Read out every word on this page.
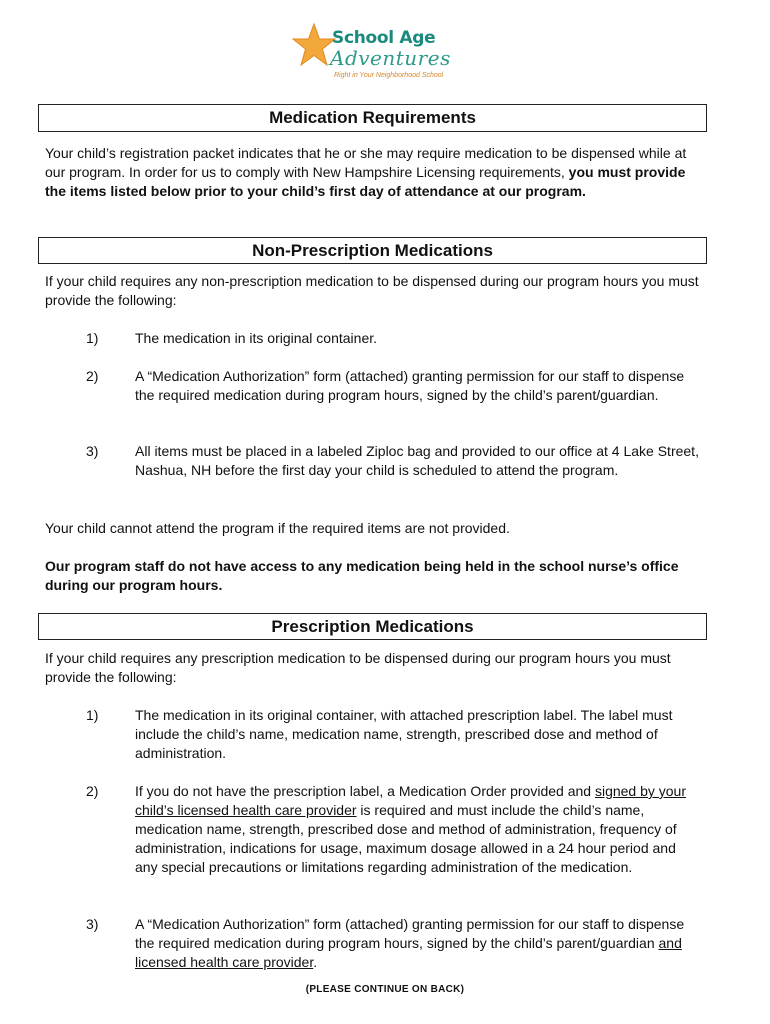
School Age
Adventures
Right in Your Neighborhood School
Medication Requirements
Your child’s registration packet indicates that he or she may require medication to be dispensed while at our program. In order for us to comply with New Hampshire Licensing requirements, you must provide the items listed below prior to your child’s first day of attendance at our program.
Non-Prescription Medications
If your child requires any non-prescription medication to be dispensed during our program hours you must provide the following:
1)	The medication in its original container.
2)	A “Medication Authorization” form (attached) granting permission for our staff to dispense the required medication during program hours, signed by the child’s parent/guardian.
3)	All items must be placed in a labeled Ziploc bag and provided to our office at 4 Lake Street, Nashua, NH before the first day your child is scheduled to attend the program.
Your child cannot attend the program if the required items are not provided.
Our program staff do not have access to any medication being held in the school nurse’s office during our program hours.
Prescription Medications
If your child requires any prescription medication to be dispensed during our program hours you must provide the following:
1)	The medication in its original container, with attached prescription label. The label must include the child’s name, medication name, strength, prescribed dose and method of administration.
2)	If you do not have the prescription label, a Medication Order provided and signed by your child’s licensed health care provider is required and must include the child’s name, medication name, strength, prescribed dose and method of administration, frequency of administration, indications for usage, maximum dosage allowed in a 24 hour period and any special precautions or limitations regarding administration of the medication.
3)	A “Medication Authorization” form (attached) granting permission for our staff to dispense the required medication during program hours, signed by the child’s parent/guardian and licensed health care provider.
(PLEASE CONTINUE ON BACK)
